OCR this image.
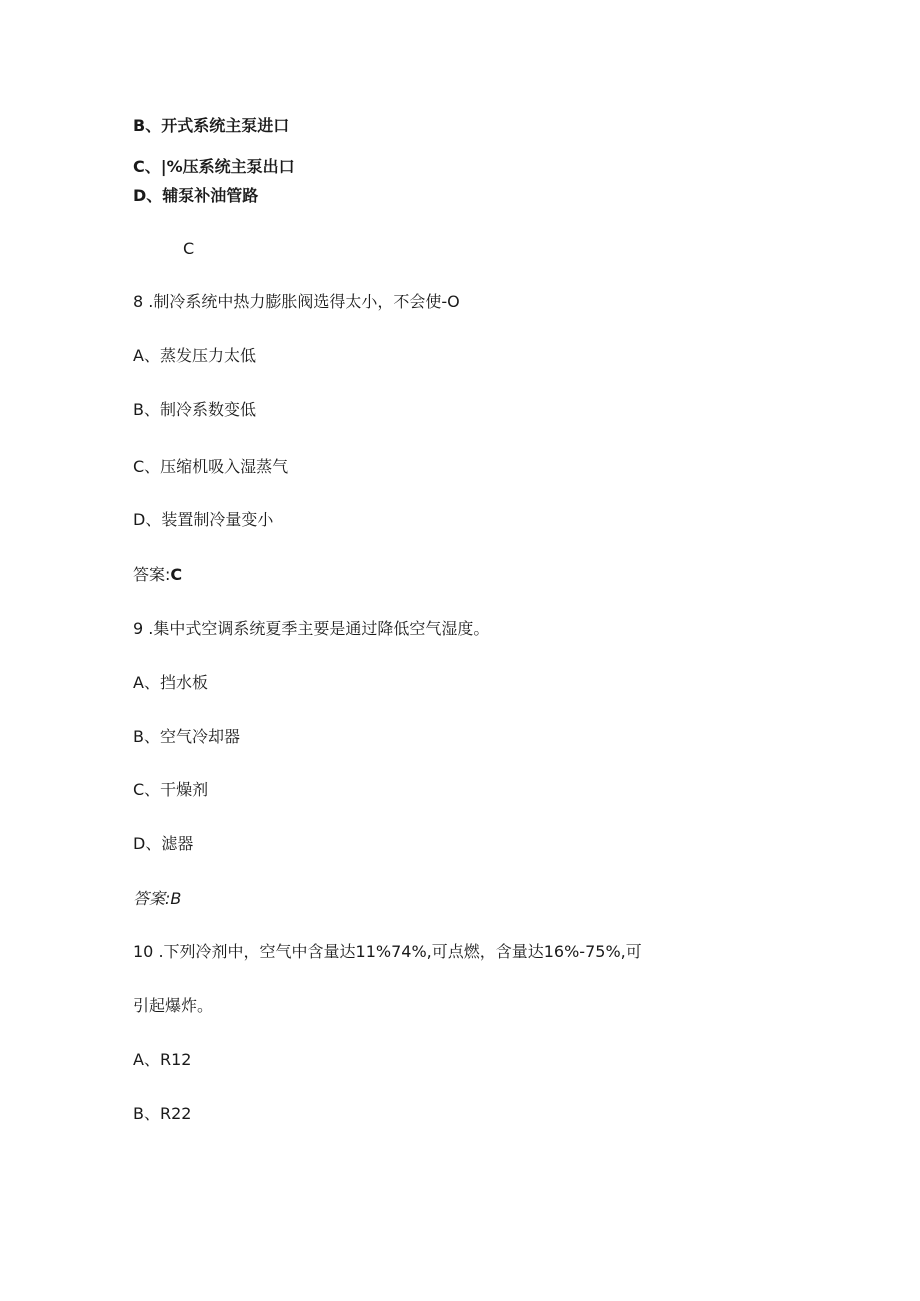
B、开式系统主泵进口
C、|%压系统主泵出口
D、辅泵补油管路
C
8 .制冷系统中热力膨胀阀选得太小，不会使-O
A、蒸发压力太低
B、制冷系数变低
C、压缩机吸入湿蒸气
D、装置制冷量变小
答案:C
9 .集中式空调系统夏季主要是通过降低空气湿度。
A、挡水板
B、空气冷却器
C、干燥剂
D、滤器
答案:B
10 .下列冷剂中，空气中含量达11%74%,可点燃，含量达16%-75%,可
引起爆炸。
A、R12
B、R22
